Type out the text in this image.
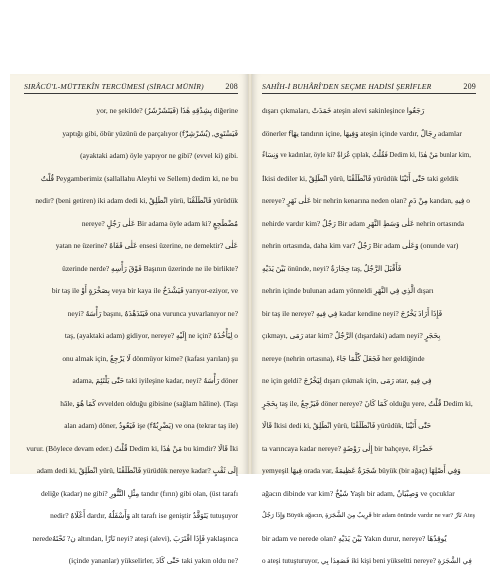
SIRÂCÜ'L-MÜTTEKÎN TERCÜMESİ (SİRACI MÜNİR)	208
yor, ne şekilde? بِشِدْقِهِ هٰذَا (فَيَتَشَرْشَرُ) diğerine
yaptığı gibi, öbür yüzünü de parçalıyor (fَيُشَرْشِرُ) ,فَيَسْتَوِي
(ayaktaki adam) öyle yapıyor ne gibi? (evvel ki) gibi.
قُلْتُ Peygamberimiz (sallallahu Aleyhi ve Sellem) dedim ki, ne bu
nedir? (beni getiren) iki adam dedi ki, انْطَلِقْ yürü, فَانْطَلَقْنَا yürüdük
nereye? عَلٰى رَجُلٍ Bir adama öyle adam ki? مُضْطَجِعٍ
yatan ne üzerine? عَلٰى قَفَاهُ ensesi üzerine, ne demektir? عَلٰى
üzerinde nerde? فَوْقَ رَأْسِهِ Başının üzerinde ne ile birlikte?
bir taş ile بِصَخْرَةٍ أَوْ veya bir kaya ile فَيَشْدَخُ yarıyor-eziyor, ve
neyi? رَأْسَهُ başını, فَيَتَدَهْدَهُ ona vurunca yuvarlanıyor ne?
taş, (ayaktaki adam) gidiyor, nereye? إِلَيْهِ ne için? لِيَأْخُذَهُ o
onu almak için, لَا يَرْجِعُ dönmüyor kime? (kafası yarılan) şu
adama, حَتّٰى يَلْتَئِمَ taki iyileşine kadar, neyi? رَأْسَهُ döner
hâle, كَمَا هُوَ evvelden olduğu gibisine (sağlam hâline). (Taşı
alan adam) döner, فَيَعُودُ işe (fَيَضْرِبُهُ) ve ona (tekrar taş ile)
vurur. (Böylece devam eder.) قُلْتُ Dedim ki, مَنْ هٰذَا bu kimdir? قَالَا İki
adam dedi ki, انْطَلِقْ yürü, فَانْطَلَقْنَا yürüdük nereye kadar? إِلَى ثَقْبٍ
deliğe (kadar) ne gibi? مِثْلِ التَّنُّورِ tandır (fırın) gibi olan, (üst tarafı
nedir? أَعْلَاهُ dardır, وَأَسْفَلُهُ alt tarafı ise geniştir يَتَوَقَّدُ tutuşuyor
neredeن? تَحْتَهُ altından, نَارًا neyi? ateşi (alevi), فَإِذَا اقْتَرَبَ yaklaşınca
(içinde yananlar) yükselirler, حَتّٰى كَادَ taki yakın oldu ne?
SAHÎH-İ BUHÂRÎ'DEN SEÇME HADİSİ ŞERİFLER	209
dışarı çıkmaları, خَمَدَتْ ateşin alevi sakinleşince رَجَعُوا
dönerler fِيهَا tandırın içine, وَفِيهَا ateşin içinde vardır, رِجَالٌ adamlar
وَنِسَاءٌ ve kadınlar, öyle ki? عُرَاةٌ çıplak, فَقُلْتُ Dedim ki, مَنْ هٰذَا bunlar kim,
İkisi dediler ki, انْطَلِقْ yürü, فَانْطَلَقْنَا yürüdük حَتّٰى أَتَيْنَا taki geldik
nereye? عَلٰى نَهَرٍ bir nehrin kenarına neden olan? مِنْ دَمٍ kandan, فِيهِ o
nehirde vardır kim? رَجُلٌ Bir adam عَلٰى وَسَطِ النَّهَرِ nehrin ortasında
nehrin ortasında, daha kim var? رَجُلٌ Bir adam وَعَلٰى (onunde var)
بَيْنَ يَدَيْهِ önünde, neyi? حِجَارَةٌ taş, فَأَقْبَلَ الرَّجُلُ
nehrin içinde bulunan adam yönneldi الَّذِي فِي النَّهَرِ dışarı
bir taş ile nereye? فِي فِيهِ kadar kendine neyi? فَإِذَا أَرَادَ يَخْرُجَ
çıkmayı, رَمَى atar kim? الرَّجُلُ (dışardaki) adam neyi? بِحَجَرٍ
nereye (nehrin ortasına), فَجَعَلَ كُلَّمَا جَاءَ her geldiğinde
ne için geldi? لِيَخْرُجَ dışarı çıkmak için, رَمَى atar, فِي فِيهِ
بِحَجَرٍ taş ile, فَيَرْجِعُ döner nereye? كَمَا كَانَ olduğu yere, قُلْتُ Dedim ki,
قَالَا İkisi dedi ki, انْطَلِقْ yürü, فَانْطَلَقْنَا yürüdük, حَتّٰى أَتَيْنَا
ta varıncaya kadar nereye? إِلٰى رَوْضَةٍ bir bahçeye, خَضْرَاءَ
yemyeşil فِيهَا orada var, شَجَرَةٌ عَظِيمَةٌ büyük (bir ağaç) وَفِي أَصْلِهَا
ağacın dibinde var kim? شَيْخٌ Yaşlı bir adam, وَصِبْيَانٌ ve çocuklar
وَإِذَا رَجُلٌ Büyük ağacın, قَرِيبٌ مِنَ الشَّجَرَةِ bir adam önünde vardır ne var? نَارٌ Ateş
bir adam ve nerede olan? بَيْنَ يَدَيْهِ Yakın durur, nereye? يُوقِدُهَا
o ateşi tutuşturuyor, فَصَعِدَا بِي iki kişi beni yükseltti nereye? فِي الشَّجَرَةِ
